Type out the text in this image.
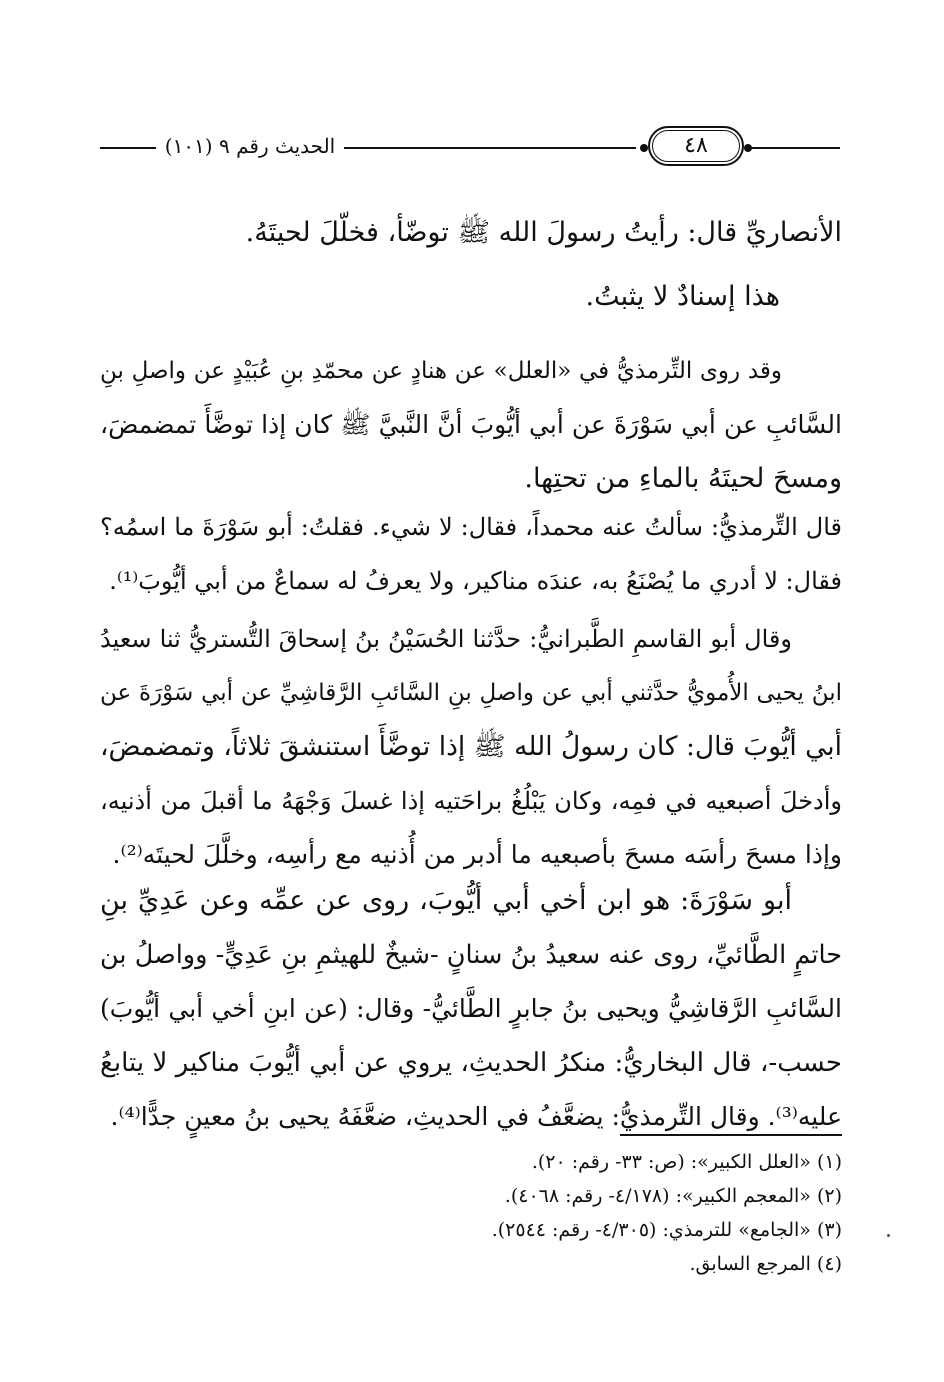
الحديث رقم ٩ (١٠١)	٤٨
الأنصاريِّ قال: رأيتُ رسولَ الله ﷺ توضّأ، فخلّلَ لحيتَهُ.
هذا إسنادٌ لا يثبتُ.
وقد روى التِّرمذيُّ في «العلل» عن هنادٍ عن محمّدِ بنِ عُبَيْدٍ عن واصلِ بنِ
السَّائبِ عن أبي سَوْرَةَ عن أبي أيُّوبَ أنَّ النَّبيَّ ﷺ كان إذا توضَّأَ تمضمضَ،
ومسحَ لحيتَهُ بالماءِ من تحتِها.
قال التِّرمذيُّ: سألتُ عنه محمداً، فقال: لا شيء. فقلتُ: أبو سَوْرَةَ ما اسمُه؟
فقال: لا أدري ما يُصْنَعُ به، عندَه مناكير، ولا يعرفُ له سماعٌ من أبي أيُّوبَ⁽¹⁾.
وقال أبو القاسمِ الطَّبرانيُّ: حدَّثنا الحُسَيْنُ بنُ إسحاقَ التُّستريُّ ثنا سعيدُ
ابنُ يحيى الأُمويُّ حدَّثني أبي عن واصلِ بنِ السَّائبِ الرَّقاشِيِّ عن أبي سَوْرَةَ عن
أبي أيُّوبَ قال: كان رسولُ الله ﷺ إذا توضَّأَ استنشقَ ثلاثاً، وتمضمضَ،
وأدخلَ أصبعيه في فمِه، وكان يَبْلُغُ براحَتيه إذا غسلَ وَجْهَهُ ما أقبلَ من أذنيه،
وإذا مسحَ رأسَه مسحَ بأصبعيه ما أدبر من أُذنيه مع رأسِه، وخلَّلَ لحيتَه⁽²⁾.
أبو سَوْرَةَ: هو ابن أخي أبي أيُّوبَ، روى عن عمِّه وعن عَدِيِّ بنِ
حاتمٍ الطَّائيِّ، روى عنه سعيدُ بنُ سنانٍ -شيخٌ للهيثمِ بنِ عَدِيٍّ- وواصلُ بن
السَّائبِ الرَّقاشِيُّ ويحيى بنُ جابرٍ الطَّائيُّ- وقال: (عن ابنِ أخي أبي أيُّوبَ)
حسب-، قال البخاريُّ: منكرُ الحديثِ، يروي عن أبي أيُّوبَ مناكير لا يتابعُ
عليه⁽³⁾. وقال التِّرمذيُّ: يضعَّفُ في الحديثِ، ضعَّفَهُ يحيى بنُ معينٍ جدًّا⁽⁴⁾.
(١) «العلل الكبير»: (ص: ٣٣- رقم: ٢٠).
(٢) «المعجم الكبير»: (٤/١٧٨- رقم: ٤٠٦٨).
(٣) «الجامع» للترمذي: (٤/٣٠٥- رقم: ٢٥٤٤).
(٤) المرجع السابق.
